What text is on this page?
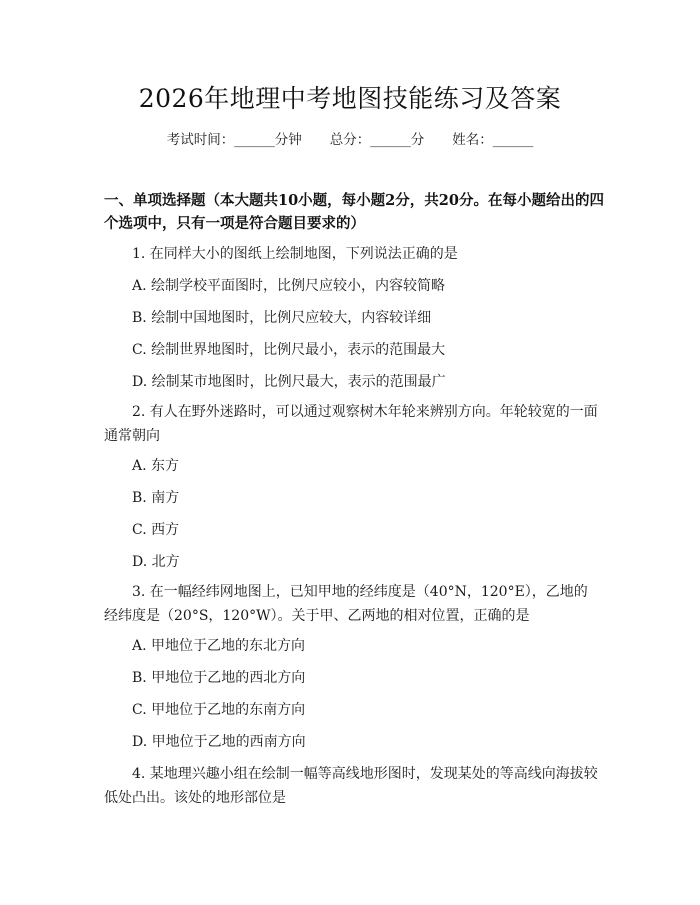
2026年地理中考地图技能练习及答案
考试时间：______分钟 总分：______分 姓名：______
一、单项选择题（本大题共10小题，每小题2分，共20分。在每小题给出的四个选项中，只有一项是符合题目要求的）
1. 在同样大小的图纸上绘制地图，下列说法正确的是
A. 绘制学校平面图时，比例尺应较小，内容较简略
B. 绘制中国地图时，比例尺应较大，内容较详细
C. 绘制世界地图时，比例尺最小，表示的范围最大
D. 绘制某市地图时，比例尺最大，表示的范围最广
2. 有人在野外迷路时，可以通过观察树木年轮来辨别方向。年轮较宽的一面通常朝向
A. 东方
B. 南方
C. 西方
D. 北方
3. 在一幅经纬网地图上，已知甲地的经纬度是（40°N，120°E），乙地的经纬度是（20°S，120°W）。关于甲、乙两地的相对位置，正确的是
A. 甲地位于乙地的东北方向
B. 甲地位于乙地的西北方向
C. 甲地位于乙地的东南方向
D. 甲地位于乙地的西南方向
4. 某地理兴趣小组在绘制一幅等高线地形图时，发现某处的等高线向海拔较低处凸出。该处的地形部位是
